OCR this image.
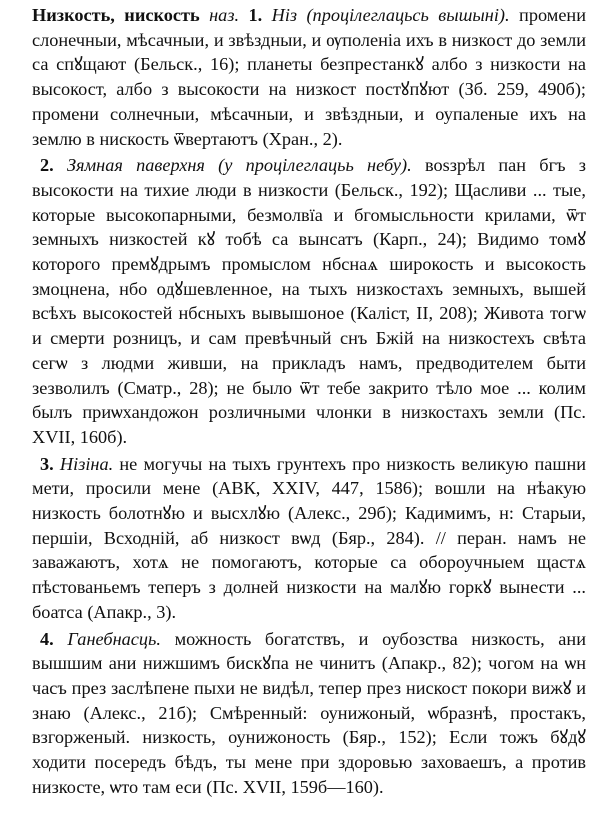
Низкость, нискость наз. 1. Ніз (процілеглацьсь вышыні). промени слонечныи, мѣсачныи, и звѣздныи, и ѹполеніа ихъ в низкост до земли са спꙋщают (Бельск., 16); планеты безпрестанкꙋ албо з низкости на высокост, албо з высокости на низкост постꙋпꙋют (Зб. 259, 490б); промени солнечныи, мѣсачныи, и звѣздныи, и оупаленые ихъ на землю в нискость ѿвертаютъ (Хран., 2).

2. Зямная паверхня (у процілеглацьь небу). воѕзрѣл пан бгъ з высокости на тихие люди в низкости (Бельск., 192); Щасливи ... тые, которые высокопарными, безмолвїа и бгомысльности крилами, ѿт земныхъ низкостей кꙋ тобѣ са вынсатъ (Карп., 24); Видимо томꙋ которого премꙋдрымъ промыслом нбснаѧ широкость и высокость змоцнена, нбо одꙋшевленное, на тыхъ низкостахъ земныхъ, вышей всѣхъ высокостей нбсныхъ вывышоное (Каліст, II, 208); Живота тогѡ и смерти розницъ, и сам превѣчный снъ Бжій на низкостехъ свѣта сегѡ з людми живши, на прикладъ намъ, предводителем быти зезволилъ (Сматр., 28); не было ѿт тебе закрито тѣло мое ... колим былъ приѡхандожон розличными члонки в низкостахъ земли (Пс. XVII, 160б).

3. Нізіна. не могучы на тыхъ грунтехъ про низкость великую пашни мети, просили мене (АВК, XXIV, 447, 1586); вошли на нѣакую низкость болотнꙋю и высхлꙋю (Алекс., 29б); Кадимимъ, н: Старыи, першіи, Всходній, аб низкост вѡд (Бяр., 284). // перан. намъ не заважаютъ, хотѧ не помогаютъ, которые са обороучныем щастѧ пѣстованьемъ теперъ з долней низкости на малꙋю горкꙋ вынести ... боатса (Апакр., 3).

4. Ганебнасць. можность богатствъ, и оубозства низкость, ани вышшим ани нижшимъ бискꙋпа не чинитъ (Апакр., 82); чогом на ѡн часъ през заслѣпене пыхи не видѣл, тепер през нискост покори вижꙋ и знаю (Алекс., 21б); Смѣренный: оунижоный, ѡбразнѣ, простакъ, взгорженый. низкость, оунижоность (Бяр., 152); Если тожъ бꙋдꙋ ходити посередъ бѣдъ, ты мене при здоровью заховаешъ, а против низкосте, ѡто там еси (Пс. XVII, 159б—160).
